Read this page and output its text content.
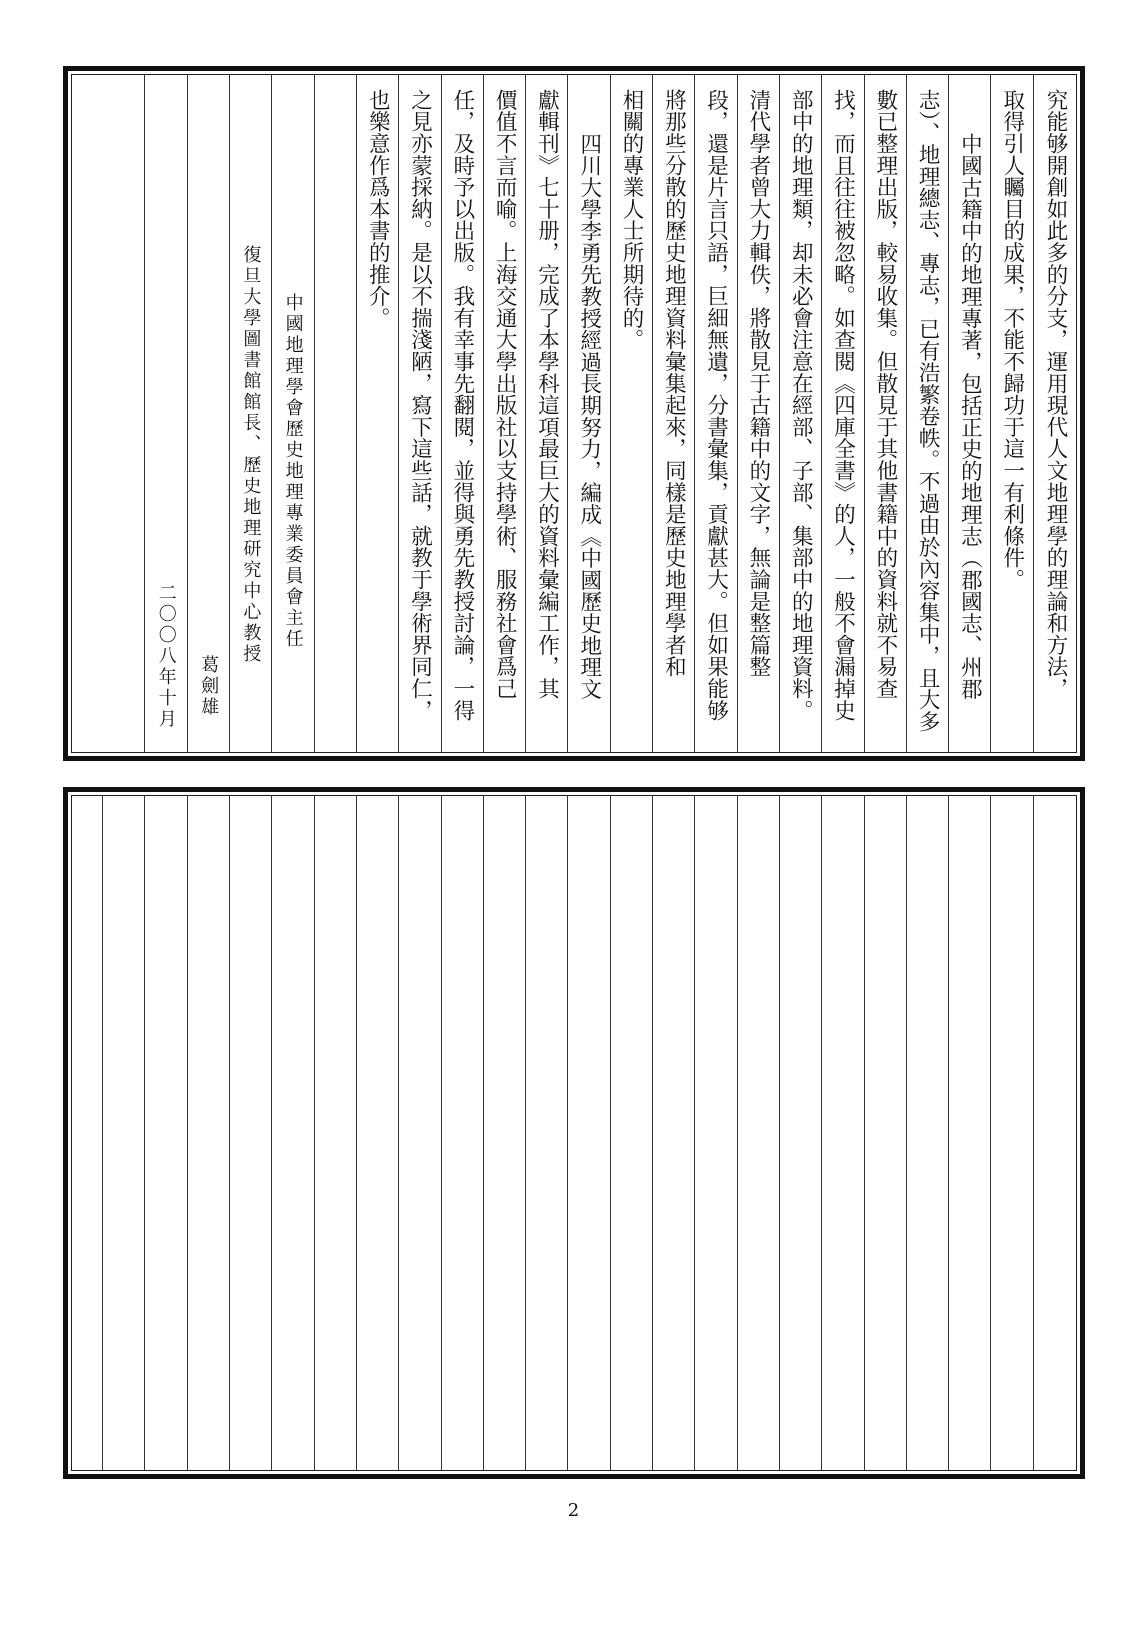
究能够開創如此多的分支，運用現代人文地理學的理論和方法，
取得引人矚目的成果，不能不歸功于這一有利條件。
中國古籍中的地理專著，包括正史的地理志（郡國志、州郡
志）、地理總志、專志，已有浩繁卷帙。不過由於內容集中，且大多
數已整理出版，較易收集。但散見于其他書籍中的資料就不易查
找，而且往往被忽略。如查閱《四庫全書》的人，一般不會漏掉史
部中的地理類，却未必會注意在經部、子部、集部中的地理資料。
清代學者曾大力輯佚，將散見于古籍中的文字，無論是整篇整
段，還是片言只語，巨細無遺，分書彙集，貢獻甚大。但如果能够
將那些分散的歷史地理資料彙集起來，同樣是歷史地理學者和
相關的專業人士所期待的。
四川大學李勇先教授經過長期努力，編成《中國歷史地理文
獻輯刊》七十册，完成了本學科這項最巨大的資料彙編工作，其
價值不言而喻。上海交通大學出版社以支持學術、服務社會爲己
任，及時予以出版。我有幸事先翻閱，並得與勇先教授討論，一得
之見亦蒙採納。是以不揣淺陋，寫下這些話，就教于學術界同仁，
也樂意作爲本書的推介。
中國地理學會歷史地理專業委員會主任
復旦大學圖書館館長、歷史地理研究中心教授
葛劍雄
二〇〇八年十月
2
